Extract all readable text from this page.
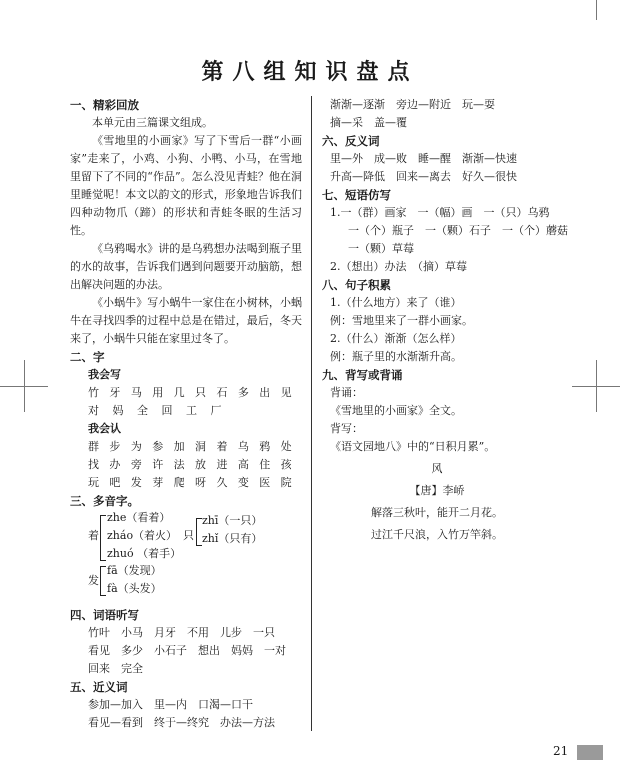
第八组知识盘点
一、精彩回放
本单元由三篇课文组成。
《雪地里的小画家》写了下雪后一群“小画家”走来了，小鸡、小狗、小鸭、小马，在雪地里留下了不同的“作品”。怎么没见青蛙？他在洞里睡觉呢！本文以韵文的形式，形象地告诉我们四种动物爪（蹄）的形状和青蛙冬眠的生活习性。
《乌鸦喝水》讲的是乌鸦想办法喝到瓶子里的水的故事，告诉我们遇到问题要开动脑筋，想出解决问题的办法。
《小蜗牛》写小蜗牛一家住在小树林，小蜗牛在寻找四季的过程中总是在错过，最后，冬天来了，小蜗牛只能在家里过冬了。
二、字
我会写
竹 牙 马 用 几 只 石 多 出 见
对	妈	全	回	工	厂
我会认
群 步 为 参 加 洞 着 乌 鸦 处
找 办 旁 许 法 放 进 高 住 孩
玩 吧 发 芽 爬 呀 久 变 医 院
三、多音字。
着
zhe（看着）
zháo（着火）
zhuó （着手）
只
zhī（一只）
zhǐ（只有）
发
fā（发现）
fà（头发）
四、词语听写
竹叶　小马　月牙　不用　儿步　一只
看见　多少　小石子　想出　妈妈　一对
回来　完全
五、近义词
参加—加入　里—内　口渴—口干
看见—看到　终于—终究　办法—方法
渐渐—逐渐　旁边—附近　玩—耍
摘—采　盖—覆
六、反义词
里—外　成—败　睡—醒　渐渐—快速
升高—降低　回来—离去　好久—很快
七、短语仿写
1.一（群）画家　一（幅）画　一（只）乌鸦
一（个）瓶子　一（颗）石子　一（个）蘑菇
一（颗）草莓
2.（想出）办法　（摘）草莓
八、句子积累
1.（什么地方）来了（谁）
例：雪地里来了一群小画家。
2.（什么）渐渐（怎么样）
例：瓶子里的水渐渐升高。
九、背写或背诵
背诵：
《雪地里的小画家》全文。
背写：
《语文园地八》中的“日积月累”。
风
【唐】李峤
解落三秋叶，能开二月花。
过江千尺浪，入竹万竿斜。
21
